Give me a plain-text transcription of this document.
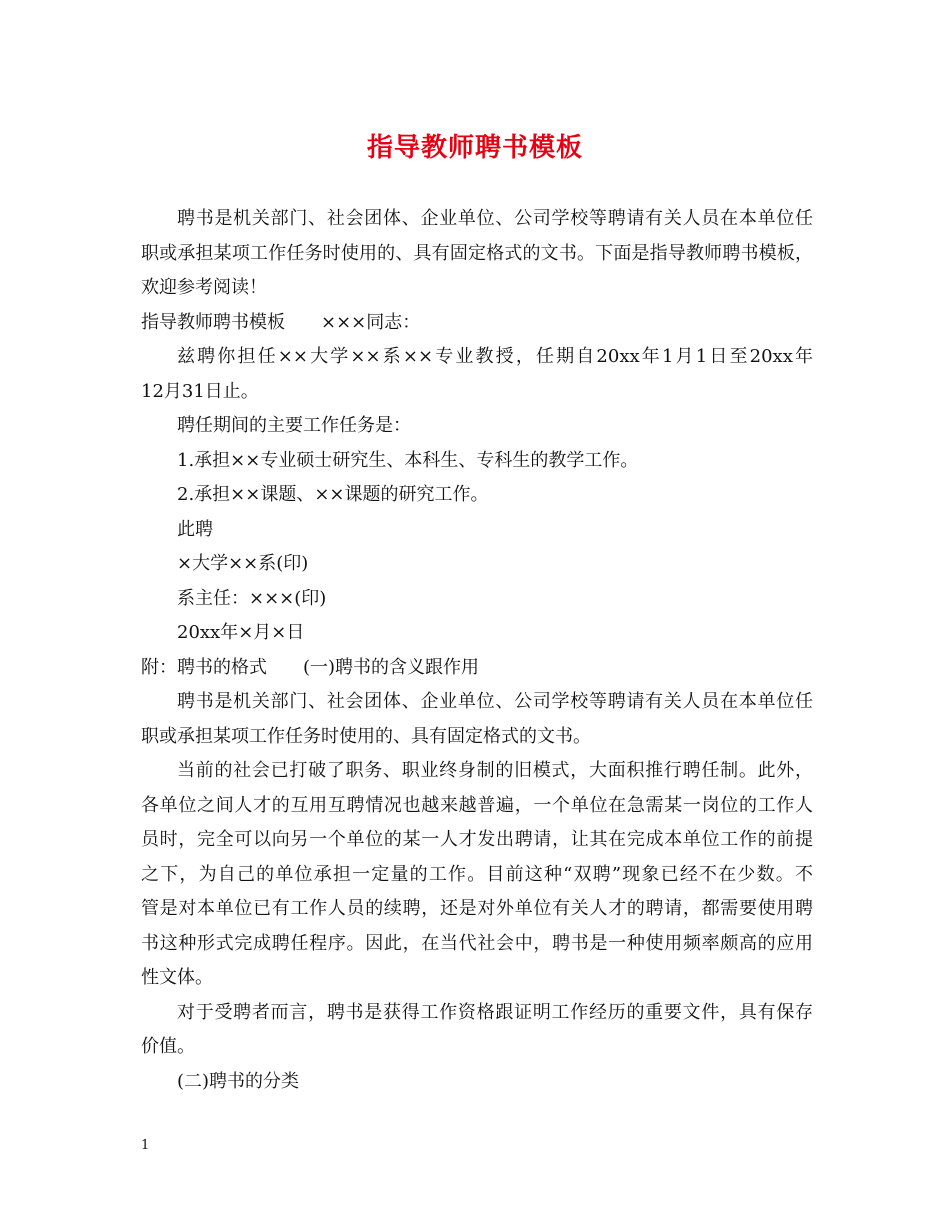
指导教师聘书模板
聘书是机关部门、社会团体、企业单位、公司学校等聘请有关人员在本单位任
职或承担某项工作任务时使用的、具有固定格式的文书。下面是指导教师聘书模板，
欢迎参考阅读！
指导教师聘书模板　　×××同志：
兹聘你担任××大学××系××专业教授，任期自20xx年1月1日至20xx年
12月31日止。
聘任期间的主要工作任务是：
1.承担××专业硕士研究生、本科生、专科生的教学工作。
2.承担××课题、××课题的研究工作。
此聘
×大学××系(印)
系主任：×××(印)
20xx年×月×日
附：聘书的格式　　(一)聘书的含义跟作用
聘书是机关部门、社会团体、企业单位、公司学校等聘请有关人员在本单位任
职或承担某项工作任务时使用的、具有固定格式的文书。
当前的社会已打破了职务、职业终身制的旧模式，大面积推行聘任制。此外，
各单位之间人才的互用互聘情况也越来越普遍，一个单位在急需某一岗位的工作人
员时，完全可以向另一个单位的某一人才发出聘请，让其在完成本单位工作的前提
之下，为自己的单位承担一定量的工作。目前这种“双聘”现象已经不在少数。不
管是对本单位已有工作人员的续聘，还是对外单位有关人才的聘请，都需要使用聘
书这种形式完成聘任程序。因此，在当代社会中，聘书是一种使用频率颇高的应用
性文体。
对于受聘者而言，聘书是获得工作资格跟证明工作经历的重要文件，具有保存
价值。
(二)聘书的分类
1
